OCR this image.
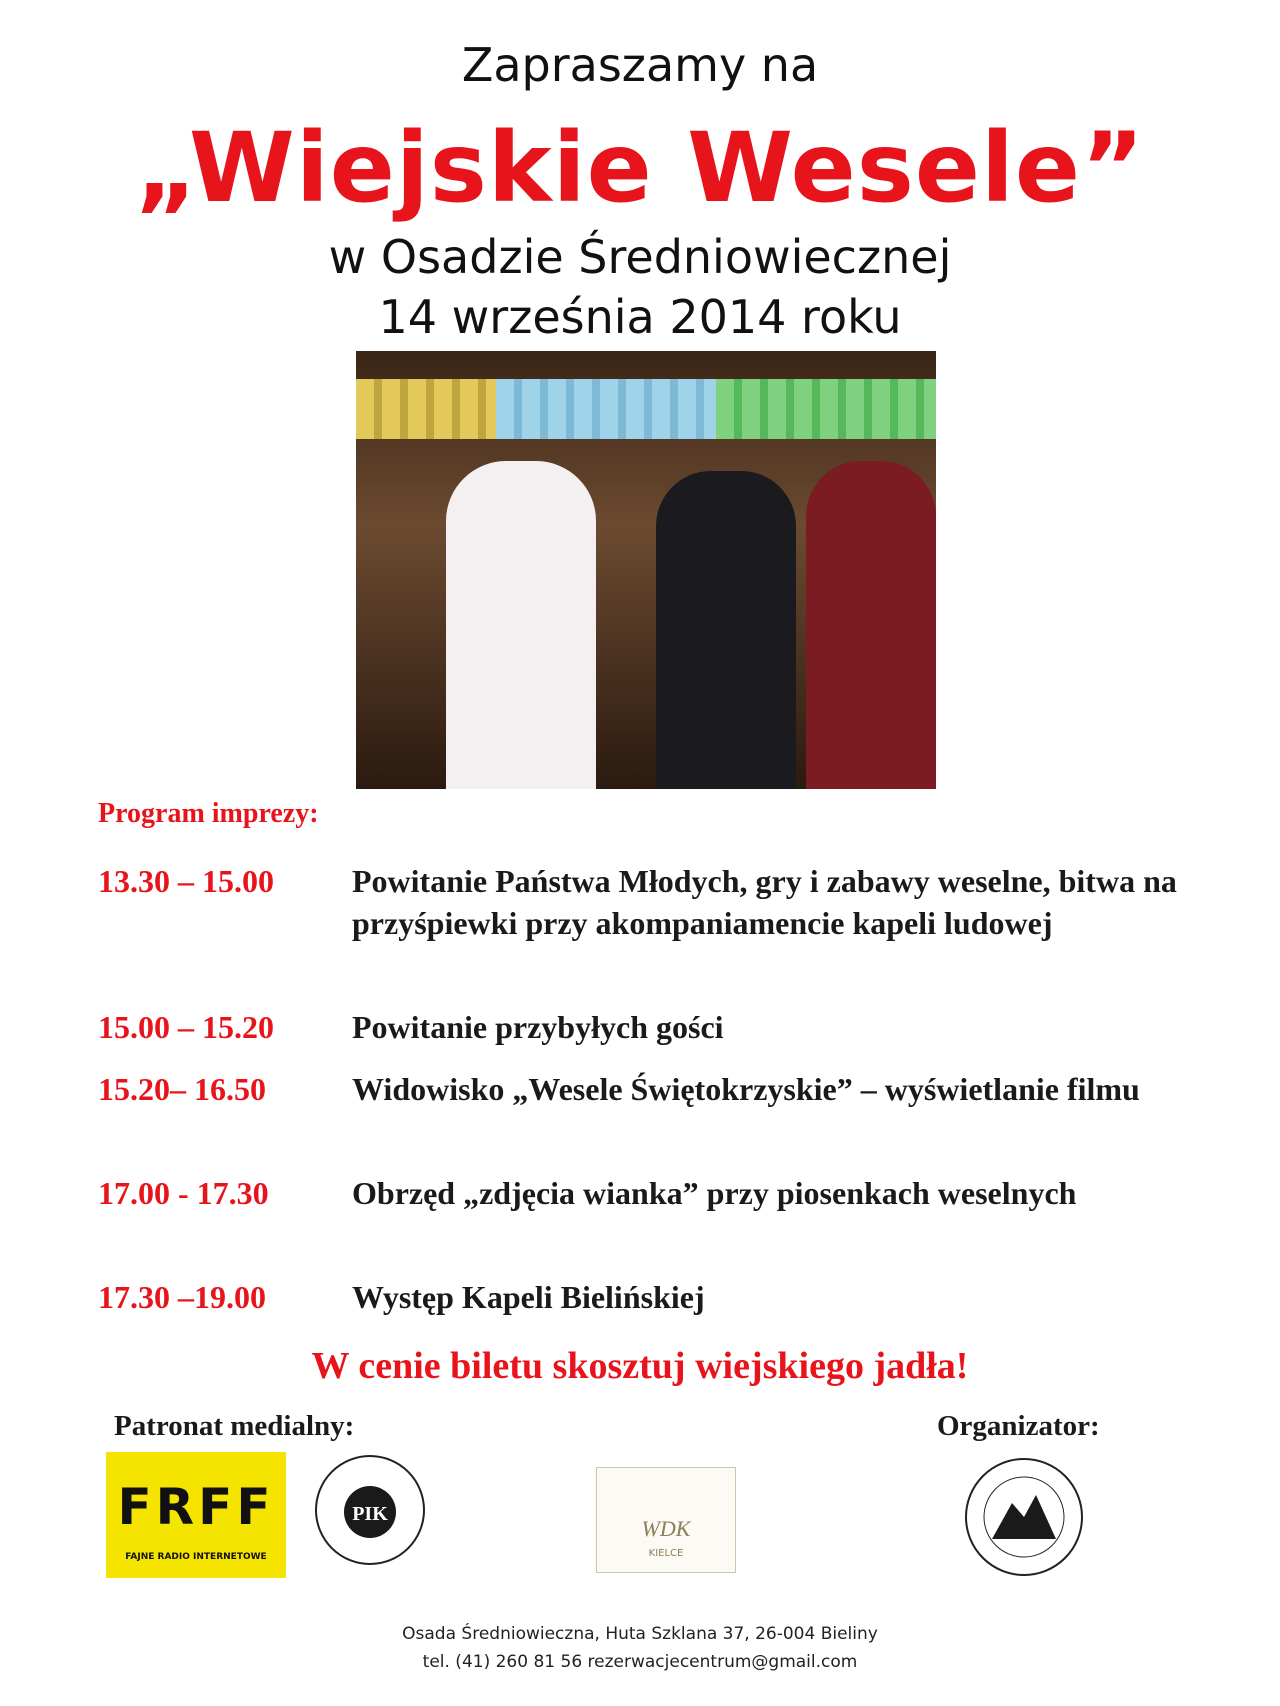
Zapraszamy na
„Wiejskie Wesele”
w Osadzie Średniowiecznej
14 września 2014 roku
Program imprezy:
13.30 – 15.00 Powitanie Państwa Młodych, gry i zabawy weselne, bitwa na przyśpiewki przy akompaniamencie kapeli ludowej
15.00 – 15.20 Powitanie przybyłych gości
15.20– 16.50	Widowisko „Wesele Świętokrzyskie” – wyświetlanie filmu
17.00 - 17.30	Obrzęd „zdjęcia wianka” przy piosenkach weselnych
17.30 –19.00	Występ Kapeli Bielińskiej
W cenie biletu skosztuj wiejskiego jadła!
Patronat medialny:	Organizator:
FRFF
FAJNE RADIO INTERNETOWE
PIK
WDK
KIELCE
Osada Średniowieczna, Huta Szklana 37, 26-004 Bieliny
tel. (41) 260 81 56 rezerwacjecentrum@gmail.com
